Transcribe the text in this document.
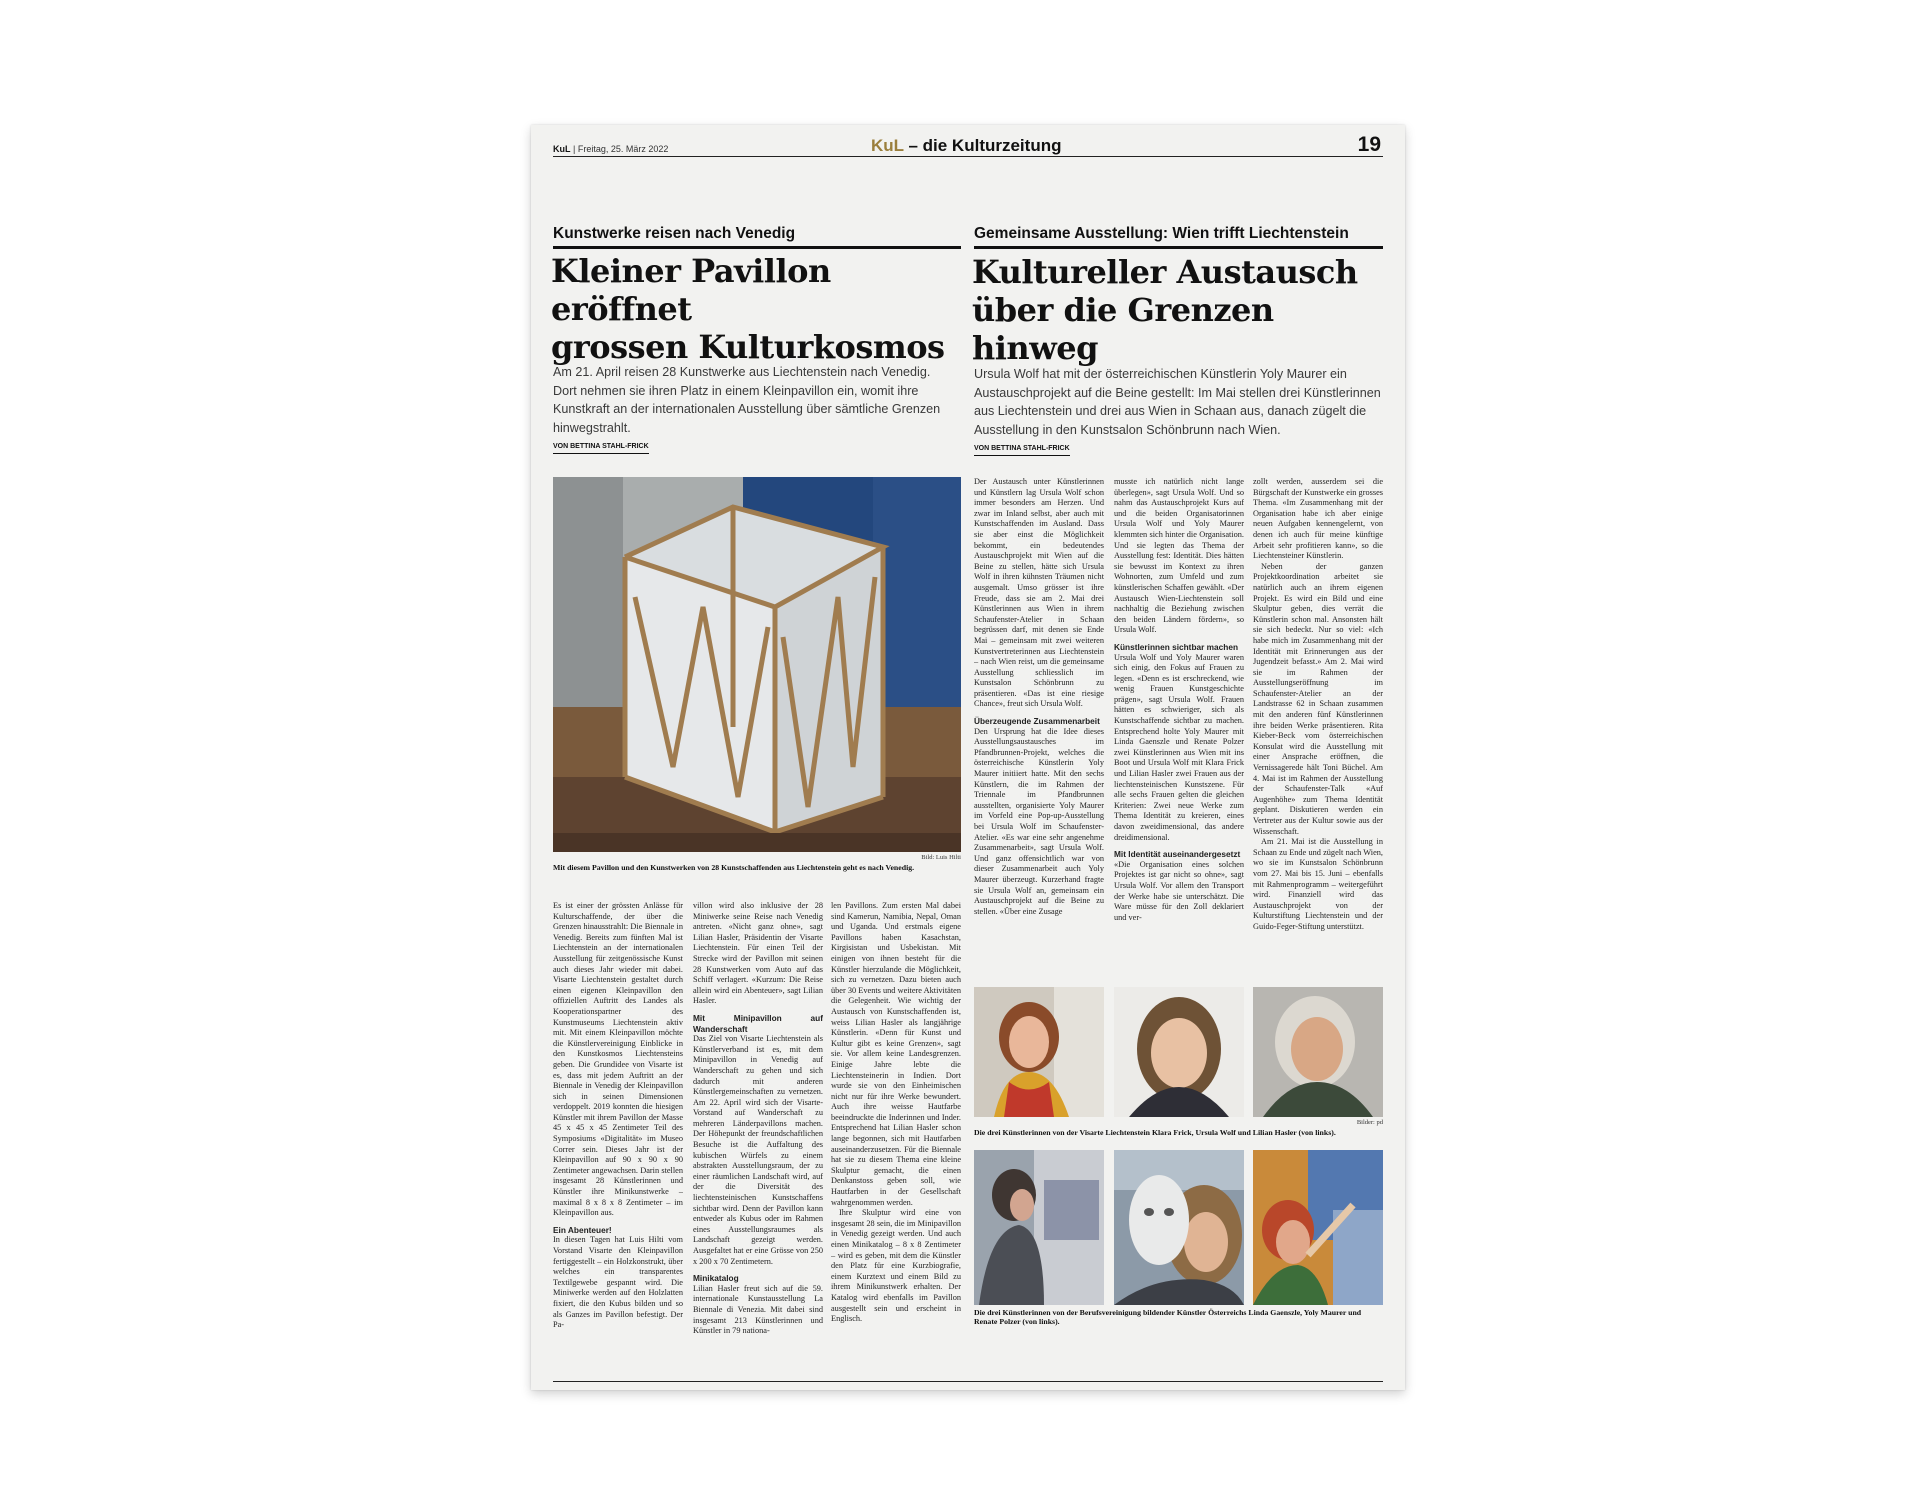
KuL | Freitag, 25. März 2022	KuL – die Kulturzeitung	19
Kunstwerke reisen nach Venedig
Kleiner Pavillon eröffnet
grossen Kulturkosmos
Am 21. April reisen 28 Kunstwerke aus Liechtenstein nach Venedig. Dort nehmen sie ihren Platz in einem Kleinpavillon ein, womit ihre Kunstkraft an der internationalen Ausstellung über sämtliche Grenzen hinwegstrahlt.
VON BETTINA STAHL-FRICK
Bild: Luis Hilti
Mit diesem Pavillon und den Kunstwerken von 28 Kunstschaffenden aus Liechtenstein geht es nach Venedig.

Es ist einer der grössten Anlässe für Kulturschaffende, der über die Grenzen hinausstrahlt: Die Biennale in Venedig. Bereits zum fünften Mal ist Liechtenstein an der internationalen Ausstellung für zeitgenössische Kunst auch dieses Jahr wieder mit dabei. Visarte Liechtenstein gestaltet durch einen eigenen Kleinpavillon den offiziellen Auftritt des Landes als Kooperationspartner des Kunstmuseums Liechtenstein aktiv mit. Mit einem Kleinpavillon möchte die Künstlervereinigung Einblicke in den Kunstkosmos Liechtensteins geben. Die Grundidee von Visarte ist es, dass mit jedem Auftritt an der Biennale in Venedig der Kleinpavillon sich in seinen Dimensionen verdoppelt. 2019 konnten die hiesigen Künstler mit ihrem Pavillon der Masse 45 x 45 x 45 Zentimeter Teil des Symposiums «Digitalität» im Museo Correr sein. Dieses Jahr ist der Kleinpavillon auf 90 x 90 x 90 Zentimeter angewachsen. Darin stellen insgesamt 28 Künstlerinnen und Künstler ihre Minikunstwerke – maximal 8 x 8 x 8 Zentimeter – im Kleinpavillon aus.

Ein Abenteuer!

In diesen Tagen hat Luis Hilti vom Vorstand Visarte den Kleinpavillon fertiggestellt – ein Holzkonstrukt, über welches ein transparentes Textilgewebe gespannt wird. Die Miniwerke werden auf den Holzlatten fixiert, die den Kubus bilden und so als Ganzes im Pavillon befestigt. Der Pa-

villon wird also inklusive der 28 Miniwerke seine Reise nach Venedig antreten. «Nicht ganz ohne», sagt Lilian Hasler, Präsidentin der Visarte Liechtenstein. Für einen Teil der Strecke wird der Pavillon mit seinen 28 Kunstwerken vom Auto auf das Schiff verlagert. «Kurzum: Die Reise allein wird ein Abenteuer», sagt Lilian Hasler.

Mit Minipavillon auf Wanderschaft

Das Ziel von Visarte Liechtenstein als Künstlerverband ist es, mit dem Minipavillon in Venedig auf Wanderschaft zu gehen und sich dadurch mit anderen Künstlergemeinschaften zu vernetzen. Am 22. April wird sich der Visarte-Vorstand auf Wanderschaft zu mehreren Länderpavillons machen. Der Höhepunkt der freundschaftlichen Besuche ist die Auffaltung des kubischen Würfels zu einem abstrakten Ausstellungsraum, der zu einer räumlichen Landschaft wird, auf der die Diversität des liechtensteinischen Kunstschaffens sichtbar wird. Denn der Pavillon kann entweder als Kubus oder im Rahmen eines Ausstellungsraumes als Landschaft gezeigt werden. Ausgefaltet hat er eine Grösse von 250 x 200 x 70 Zentimetern.

Minikatalog

Lilian Hasler freut sich auf die 59. internationale Kunstausstellung La Biennale di Venezia. Mit dabei sind insgesamt 213 Künstlerinnen und Künstler in 79 nationa-

len Pavillons. Zum ersten Mal dabei sind Kamerun, Namibia, Nepal, Oman und Uganda. Und erstmals eigene Pavillons haben Kasachstan, Kirgisistan und Usbekistan. Mit einigen von ihnen besteht für die Künstler hierzulande die Möglichkeit, sich zu vernetzen. Dazu bieten auch über 30 Events und weitere Aktivitäten die Gelegenheit. Wie wichtig der Austausch von Kunstschaffenden ist, weiss Lilian Hasler als langjährige Künstlerin. «Denn für Kunst und Kultur gibt es keine Grenzen», sagt sie. Vor allem keine Landesgrenzen. Einige Jahre lebte die Liechtensteinerin in Indien. Dort wurde sie von den Einheimischen nicht nur für ihre Werke bewundert. Auch ihre weisse Hautfarbe beeindruckte die Inderinnen und Inder. Entsprechend hat Lilian Hasler schon lange begonnen, sich mit Hautfarben auseinanderzusetzen. Für die Biennale hat sie zu diesem Thema eine kleine Skulptur gemacht, die einen Denkanstoss geben soll, wie Hautfarben in der Gesellschaft wahrgenommen werden.

Ihre Skulptur wird eine von insgesamt 28 sein, die im Minipavillon in Venedig gezeigt werden. Und auch einen Minikatalog – 8 x 8 Zentimeter – wird es geben, mit dem die Künstler den Platz für eine Kurzbiografie, einem Kurztext und einem Bild zu ihrem Minikunstwerk erhalten. Der Katalog wird ebenfalls im Pavillon ausgestellt sein und erscheint in Englisch.

Gemeinsame Ausstellung: Wien trifft Liechtenstein
Kultureller Austausch
über die Grenzen hinweg
Ursula Wolf hat mit der österreichischen Künstlerin Yoly Maurer ein Austauschprojekt auf die Beine gestellt: Im Mai stellen drei Künstlerinnen aus Liechtenstein und drei aus Wien in Schaan aus, danach zügelt die Ausstellung in den Kunstsalon Schönbrunn nach Wien.
VON BETTINA STAHL-FRICK

Der Austausch unter Künstlerinnen und Künstlern lag Ursula Wolf schon immer besonders am Herzen. Und zwar im Inland selbst, aber auch mit Kunstschaffenden im Ausland. Dass sie aber einst die Möglichkeit bekommt, ein bedeutendes Austauschprojekt mit Wien auf die Beine zu stellen, hätte sich Ursula Wolf in ihren kühnsten Träumen nicht ausgemalt. Umso grösser ist ihre Freude, dass sie am 2. Mai drei Künstlerinnen aus Wien in ihrem Schaufenster-Atelier in Schaan begrüssen darf, mit denen sie Ende Mai – gemeinsam mit zwei weiteren Kunstvertreterinnen aus Liechtenstein – nach Wien reist, um die gemeinsame Ausstellung schliesslich im Kunstsalon Schönbrunn zu präsentieren. «Das ist eine riesige Chance», freut sich Ursula Wolf.

Überzeugende Zusammenarbeit

Den Ursprung hat die Idee dieses Ausstellungsaustausches im Pfandbrunnen-Projekt, welches die österreichische Künstlerin Yoly Maurer initiiert hatte. Mit den sechs Künstlern, die im Rahmen der Triennale im Pfandbrunnen ausstellten, organisierte Yoly Maurer im Vorfeld eine Pop-up-Ausstellung bei Ursula Wolf im Schaufenster-Atelier. «Es war eine sehr angenehme Zusammenarbeit», sagt Ursula Wolf. Und ganz offensichtlich war von dieser Zusammenarbeit auch Yoly Maurer überzeugt. Kurzerhand fragte sie Ursula Wolf an, gemeinsam ein Austauschprojekt auf die Beine zu stellen. «Über eine Zusage

musste ich natürlich nicht lange überlegen», sagt Ursula Wolf. Und so nahm das Austauschprojekt Kurs auf und die beiden Organisatorinnen Ursula Wolf und Yoly Maurer klemmten sich hinter die Organisation. Und sie legten das Thema der Ausstellung fest: Identität. Dies hätten sie bewusst im Kontext zu ihren Wohnorten, zum Umfeld und zum künstlerischen Schaffen gewählt. «Der Austausch Wien-Liechtenstein soll nachhaltig die Beziehung zwischen den beiden Ländern fördern», so Ursula Wolf.

Künstlerinnen sichtbar machen

Ursula Wolf und Yoly Maurer waren sich einig, den Fokus auf Frauen zu legen. «Denn es ist erschreckend, wie wenig Frauen Kunstgeschichte prägen», sagt Ursula Wolf. Frauen hätten es schwieriger, sich als Kunstschaffende sichtbar zu machen. Entsprechend holte Yoly Maurer mit Linda Gaenszle und Renate Polzer zwei Künstlerinnen aus Wien mit ins Boot und Ursula Wolf mit Klara Frick und Lilian Hasler zwei Frauen aus der liechtensteinischen Kunstszene. Für alle sechs Frauen gelten die gleichen Kriterien: Zwei neue Werke zum Thema Identität zu kreieren, eines davon zweidimensional, das andere dreidimensional.

Mit Identität auseinandergesetzt

«Die Organisation eines solchen Projektes ist gar nicht so ohne», sagt Ursula Wolf. Vor allem den Transport der Werke habe sie unterschätzt. Die Ware müsse für den Zoll deklariert und ver-

zollt werden, ausserdem sei die Bürgschaft der Kunstwerke ein grosses Thema. «Im Zusammenhang mit der Organisation habe ich aber einige neuen Aufgaben kennengelernt, von denen ich auch für meine künftige Arbeit sehr profitieren kann», so die Liechtensteiner Künstlerin.

Neben der ganzen Projektkoordination arbeitet sie natürlich auch an ihrem eigenen Projekt. Es wird ein Bild und eine Skulptur geben, dies verrät die Künstlerin schon mal. Ansonsten hält sie sich bedeckt. Nur so viel: «Ich habe mich im Zusammenhang mit der Identität mit Erinnerungen aus der Jugendzeit befasst.» Am 2. Mai wird sie im Rahmen der Ausstellungseröffnung im Schaufenster-Atelier an der Landstrasse 62 in Schaan zusammen mit den anderen fünf Künstlerinnen ihre beiden Werke präsentieren. Rita Kieber-Beck vom österreichischen Konsulat wird die Ausstellung mit einer Ansprache eröffnen, die Vernissagerede hält Toni Büchel. Am 4. Mai ist im Rahmen der Ausstellung der Schaufenster-Talk «Auf Augenhöhe» zum Thema Identität geplant. Diskutieren werden ein Vertreter aus der Kultur sowie aus der Wissenschaft.

Am 21. Mai ist die Ausstellung in Schaan zu Ende und zügelt nach Wien, wo sie im Kunstsalon Schönbrunn vom 27. Mai bis 15. Juni – ebenfalls mit Rahmenprogramm – weitergeführt wird. Finanziell wird das Austauschprojekt von der Kulturstiftung Liechtenstein und der Guido-Feger-Stiftung unterstützt.

Bilder: pd
Die drei Künstlerinnen von der Visarte Liechtenstein Klara Frick, Ursula Wolf und Lilian Hasler (von links).
Die drei Künstlerinnen von der Berufsvereinigung bildender Künstler Österreichs Linda Gaenszle, Yoly Maurer und Renate Polzer (von links).
